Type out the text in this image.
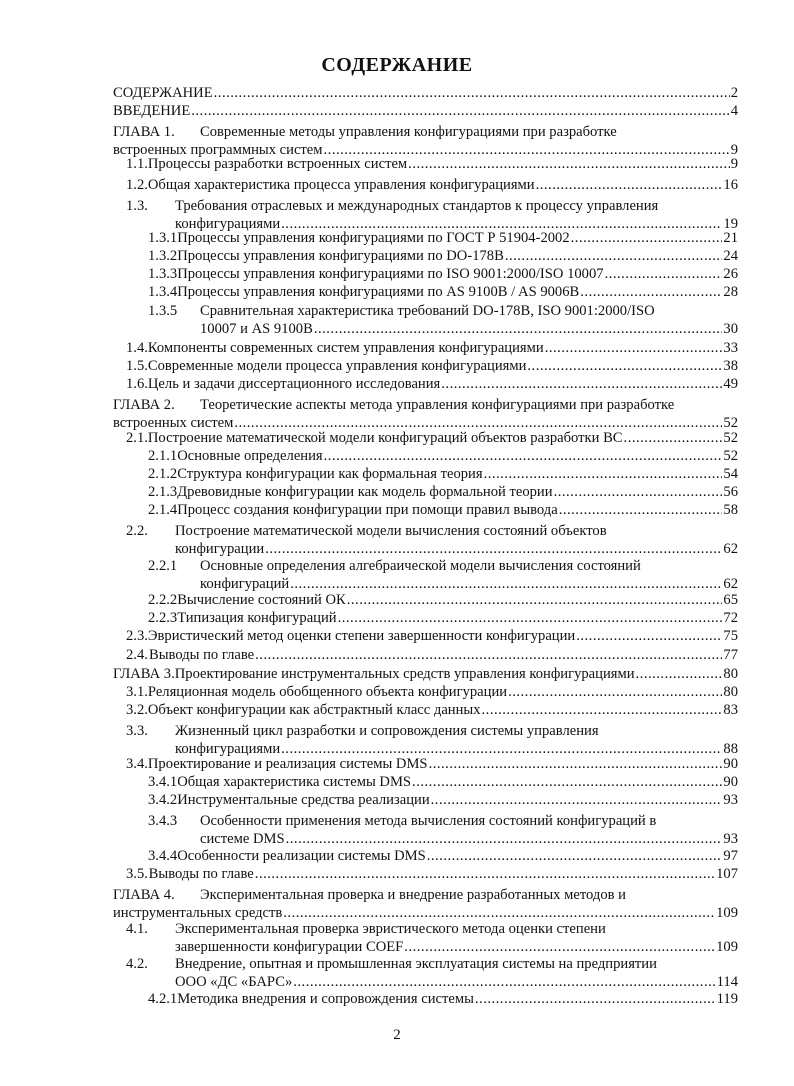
СОДЕРЖАНИЕ
СОДЕРЖАНИЕ .....	2
ВВЕДЕНИЕ .....	4
ГЛАВА 1.	Современные методы управления конфигурациями при разработке
встроенных программных систем .....	9
1.1. Процессы разработки встроенных систем .....	9
1.2. Общая характеристика процесса управления конфигурациями .....	16
1.3.	Требования отраслевых и международных стандартов к процессу управления
конфигурациями .....	19
1.3.1 Процессы управления конфигурациями по ГОСТ Р 51904-2002 .....	21
1.3.2 Процессы управления конфигурациями по DO-178B .....	24
1.3.3 Процессы управления конфигурациями по ISO 9001:2000/ISO 10007 .....	26
1.3.4 Процессы управления конфигурациями по AS 9100B / AS 9006B .....	28
1.3.5	Сравнительная характеристика требований DO-178B, ISO 9001:2000/ISO
10007 и AS 9100B .....	30
1.4. Компоненты современных систем управления конфигурациями .....	33
1.5. Современные модели процесса управления конфигурациями .....	38
1.6. Цель и задачи диссертационного исследования .....	49
ГЛАВА 2.	Теоретические аспекты метода управления конфигурациями при разработке
встроенных систем .....	52
2.1. Построение математической модели конфигураций объектов разработки ВС .....	52
2.1.1 Основные определения .....	52
2.1.2 Структура конфигурации как формальная теория .....	54
2.1.3 Древовидные конфигурации как модель формальной теории .....	56
2.1.4 Процесс создания конфигурации при помощи правил вывода .....	58
2.2.	Построение математической модели вычисления состояний объектов
конфигурации .....	62
2.2.1	Основные определения алгебраической модели вычисления состояний
конфигураций .....	62
2.2.2 Вычисление состояний ОК .....	65
2.2.3 Типизация конфигураций .....	72
2.3. Эвристический метод оценки степени завершенности конфигурации .....	75
2.4. Выводы по главе .....	77
ГЛАВА 3. Проектирование инструментальных средств управления конфигурациями .....	80
3.1. Реляционная модель обобщенного объекта конфигурации .....	80
3.2. Объект конфигурации как абстрактный класс данных .....	83
3.3.	Жизненный цикл разработки и сопровождения системы управления
конфигурациями .....	88
3.4. Проектирование и реализация системы DMS .....	90
3.4.1 Общая характеристика системы DMS .....	90
3.4.2 Инструментальные средства реализации .....	93
3.4.3	Особенности применения метода вычисления состояний конфигураций в
системе DMS .....	93
3.4.4 Особенности реализации системы DMS .....	97
3.5. Выводы по главе .....	107
ГЛАВА 4.	Экспериментальная проверка и внедрение разработанных методов и
инструментальных средств .....	109
4.1.	Экспериментальная проверка эвристического метода оценки степени
завершенности конфигурации COEF .....	109
4.2.	Внедрение, опытная и промышленная эксплуатация системы на предприятии
ООО «ДС «БАРС» .....	114
4.2.1 Методика внедрения и сопровождения системы .....	119
2
